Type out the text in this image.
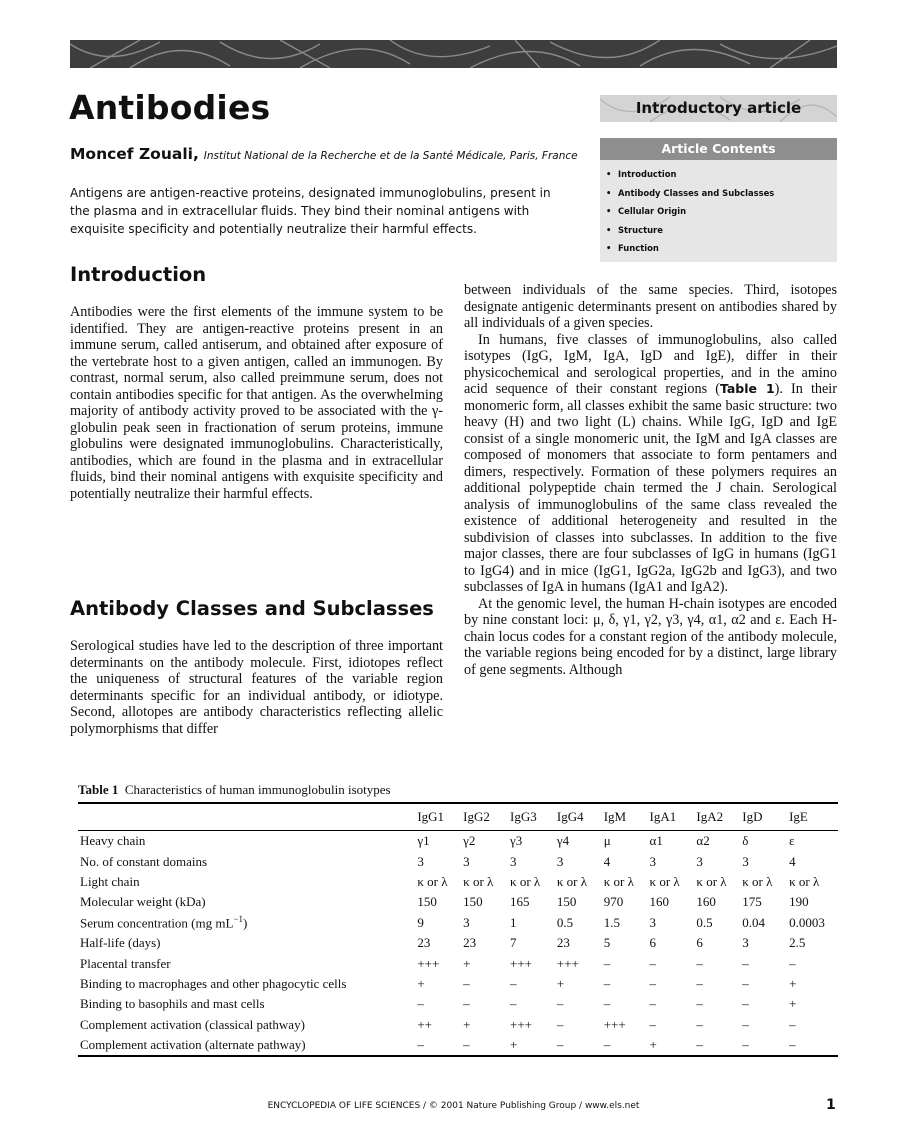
Antibodies
Moncef Zouali, Institut National de la Recherche et de la Santé Médicale, Paris, France

Antigens are antigen-reactive proteins, designated immunoglobulins, present in the plasma and in extracellular fluids. They bind their nominal antigens with exquisite specificity and potentially neutralize their harmful effects.

Introductory article
Article Contents
• Introduction
• Antibody Classes and Subclasses
• Cellular Origin
• Structure
• Function
Introduction

Antibodies were the first elements of the immune system to be identified. They are antigen-reactive proteins present in an immune serum, called antiserum, and obtained after exposure of the vertebrate host to a given antigen, called an immunogen. By contrast, normal serum, also called preimmune serum, does not contain antibodies specific for that antigen. As the overwhelming majority of antibody activity proved to be associated with the γ-globulin peak seen in fractionation of serum proteins, immune globulins were designated immunoglobulins. Characteristically, antibodies, which are found in the plasma and in extracellular fluids, bind their nominal antigens with exquisite specificity and potentially neutralize their harmful effects.

Antibody Classes and Subclasses

Serological studies have led to the description of three important determinants on the antibody molecule. First, idiotopes reflect the uniqueness of structural features of the variable region determinants specific for an individual antibody, or idiotype. Second, allotopes are antibody characteristics reflecting allelic polymorphisms that differ

between individuals of the same species. Third, isotopes designate antigenic determinants present on antibodies shared by all individuals of a given species.

In humans, five classes of immunoglobulins, also called isotypes (IgG, IgM, IgA, IgD and IgE), differ in their physicochemical and serological properties, and in the amino acid sequence of their constant regions (Table 1). In their monomeric form, all classes exhibit the same basic structure: two heavy (H) and two light (L) chains. While IgG, IgD and IgE consist of a single monomeric unit, the IgM and IgA classes are composed of monomers that associate to form pentamers and dimers, respectively. Formation of these polymers requires an additional polypeptide chain termed the J chain. Serological analysis of immunoglobulins of the same class revealed the existence of additional heterogeneity and resulted in the subdivision of classes into subclasses. In addition to the five major classes, there are four subclasses of IgG in humans (IgG1 to IgG4) and in mice (IgG1, IgG2a, IgG2b and IgG3), and two subclasses of IgA in humans (IgA1 and IgA2).

At the genomic level, the human H-chain isotypes are encoded by nine constant loci: μ, δ, γ1, γ2, γ3, γ4, α1, α2 and ε. Each H-chain locus codes for a constant region of the antibody molecule, the variable regions being encoded for by a distinct, large library of gene segments. Although

Table 1 Characteristics of human immunoglobulin isotypes
	IgG1	IgG2	IgG3	IgG4	IgM	IgA1	IgA2	IgD	IgE
Heavy chain	γ1	γ2	γ3	γ4	μ	α1	α2	δ	ε
No. of constant domains	3	3	3	3	4	3	3	3	4
Light chain	κ or λ	κ or λ	κ or λ	κ or λ	κ or λ	κ or λ	κ or λ	κ or λ	κ or λ
Molecular weight (kDa)	150	150	165	150	970	160	160	175	190
Serum concentration (mg $mL^{-1}$)	9	3	1	0.5	1.5	3	0.5	0.04	0.0003
Half-life (days)	23	23	7	23	5	6	6	3	2.5
Placental transfer	+++	+	+++	+++	–	–	–	–	–
Binding to macrophages and other phagocytic cells	+	–	–	+	–	–	–	–	+
Binding to basophils and mast cells	–	–	–	–	–	–	–	–	+
Complement activation (classical pathway)	++	+	+++	–	+++	–	–	–	–
Complement activation (alternate pathway)	–	–	+	–	–	+	–	–	–
ENCYCLOPEDIA OF LIFE SCIENCES / © 2001 Nature Publishing Group / www.els.net	1
